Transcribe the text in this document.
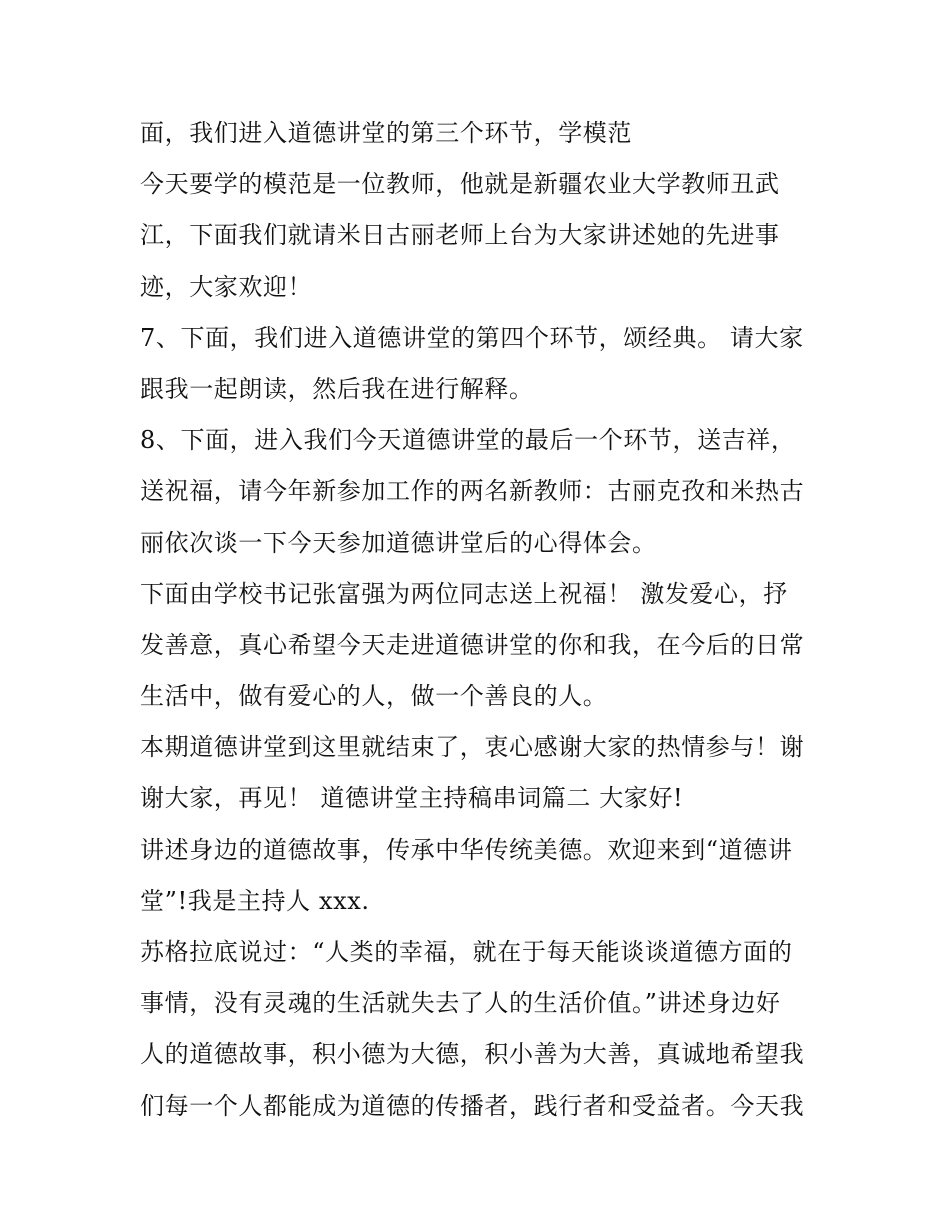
面，我们进入道德讲堂的第三个环节，学模范
今天要学的模范是一位教师，他就是新疆农业大学教师丑武
江，下面我们就请米日古丽老师上台为大家讲述她的先进事
迹，大家欢迎！
7、下面，我们进入道德讲堂的第四个环节，颂经典。 请大家
跟我一起朗读，然后我在进行解释。
8、下面，进入我们今天道德讲堂的最后一个环节，送吉祥，
送祝福，请今年新参加工作的两名新教师：古丽克孜和米热古
丽依次谈一下今天参加道德讲堂后的心得体会。
下面由学校书记张富强为两位同志送上祝福！ 激发爱心，抒
发善意，真心希望今天走进道德讲堂的你和我，在今后的日常
生活中，做有爱心的人，做一个善良的人。
本期道德讲堂到这里就结束了，衷心感谢大家的热情参与！谢
谢大家，再见！ 道德讲堂主持稿串词篇二 大家好!
讲述身边的道德故事，传承中华传统美德。欢迎来到“道德讲
堂”!我是主持人 xxx.
苏格拉底说过：“人类的幸福，就在于每天能谈谈道德方面的
事情，没有灵魂的生活就失去了人的生活价值。”讲述身边好
人的道德故事，积小德为大德，积小善为大善，真诚地希望我
们每一个人都能成为道德的传播者，践行者和受益者。今天我
